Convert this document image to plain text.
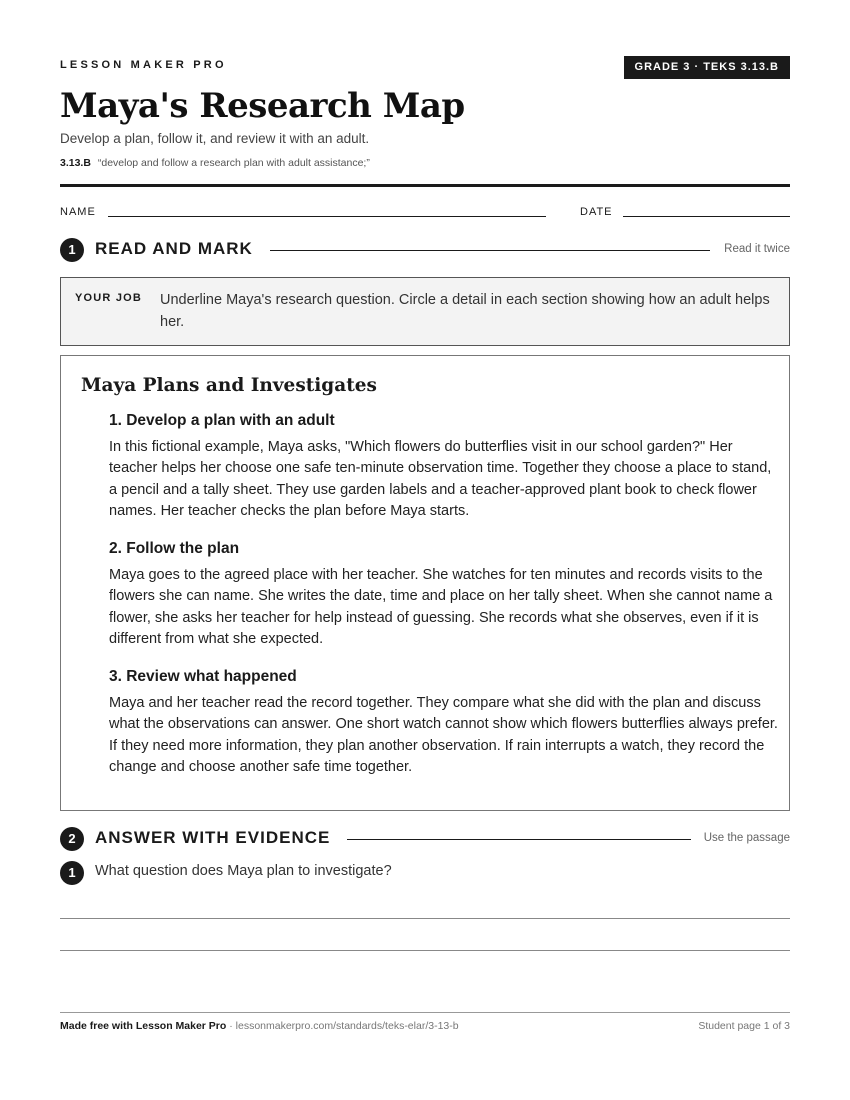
LESSON MAKER PRO	GRADE 3 · TEKS 3.13.B
Maya's Research Map
Develop a plan, follow it, and review it with an adult.
3.13.B “develop and follow a research plan with adult assistance;”
NAME	DATE
1	READ AND MARK	Read it twice
YOUR JOB Underline Maya's research question. Circle a detail in each section showing how an adult helps her.
Maya Plans and Investigates
1. Develop a plan with an adult

In this fictional example, Maya asks, "Which flowers do butterflies visit in our school garden?" Her teacher helps her choose one safe ten-minute observation time. Together they choose a place to stand, a pencil and a tally sheet. They use garden labels and a teacher-approved plant book to check flower names. Her teacher checks the plan before Maya starts.

2. Follow the plan

Maya goes to the agreed place with her teacher. She watches for ten minutes and records visits to the flowers she can name. She writes the date, time and place on her tally sheet. When she cannot name a flower, she asks her teacher for help instead of guessing. She records what she observes, even if it is different from what she expected.

3. Review what happened

Maya and her teacher read the record together. They compare what she did with the plan and discuss what the observations can answer. One short watch cannot show which flowers butterflies always prefer. If they need more information, they plan another observation. If rain interrupts a watch, they record the change and choose another safe time together.

2	ANSWER WITH EVIDENCE	Use the passage
1	What question does Maya plan to investigate?
Made free with Lesson Maker Pro · lessonmakerpro.com/standards/teks-elar/3-13-b	Student page 1 of 3
